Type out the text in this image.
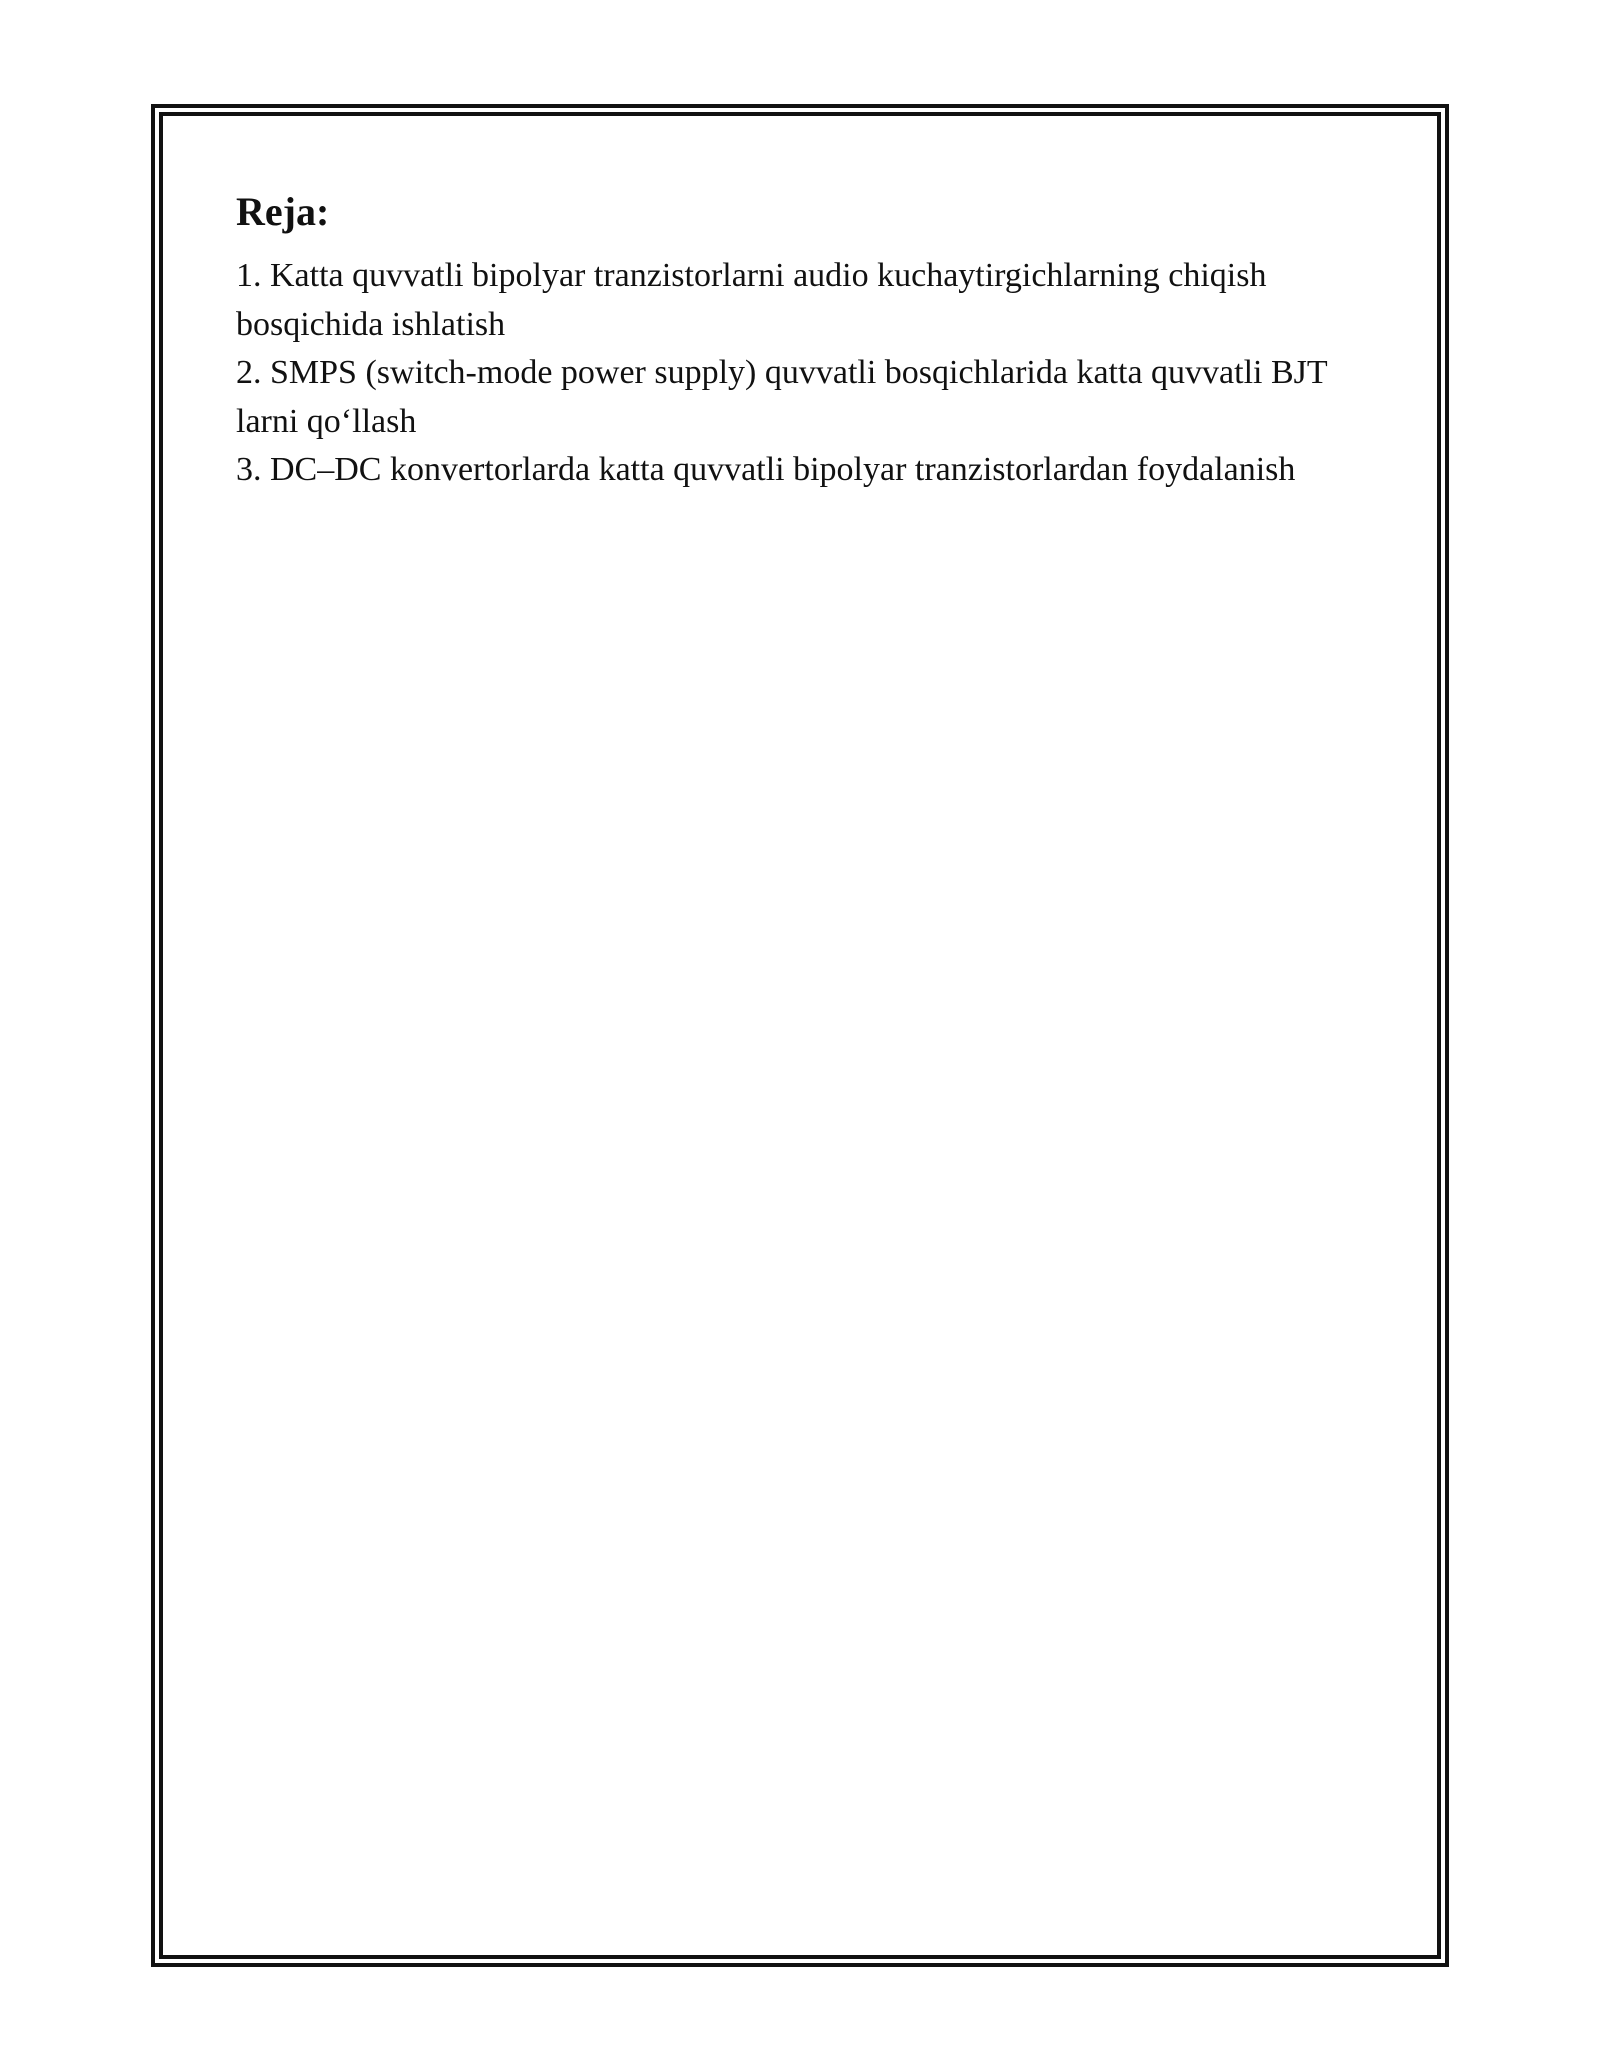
Reja:

1. Katta quvvatli bipolyar tranzistorlarni audio kuchaytirgichlarning chiqish bosqichida ishlatish

2. SMPS (switch-mode power supply) quvvatli bosqichlarida katta quvvatli BJT larni qo‘llash

3. DC–DC konvertorlarda katta quvvatli bipolyar tranzistorlardan foydalanish
